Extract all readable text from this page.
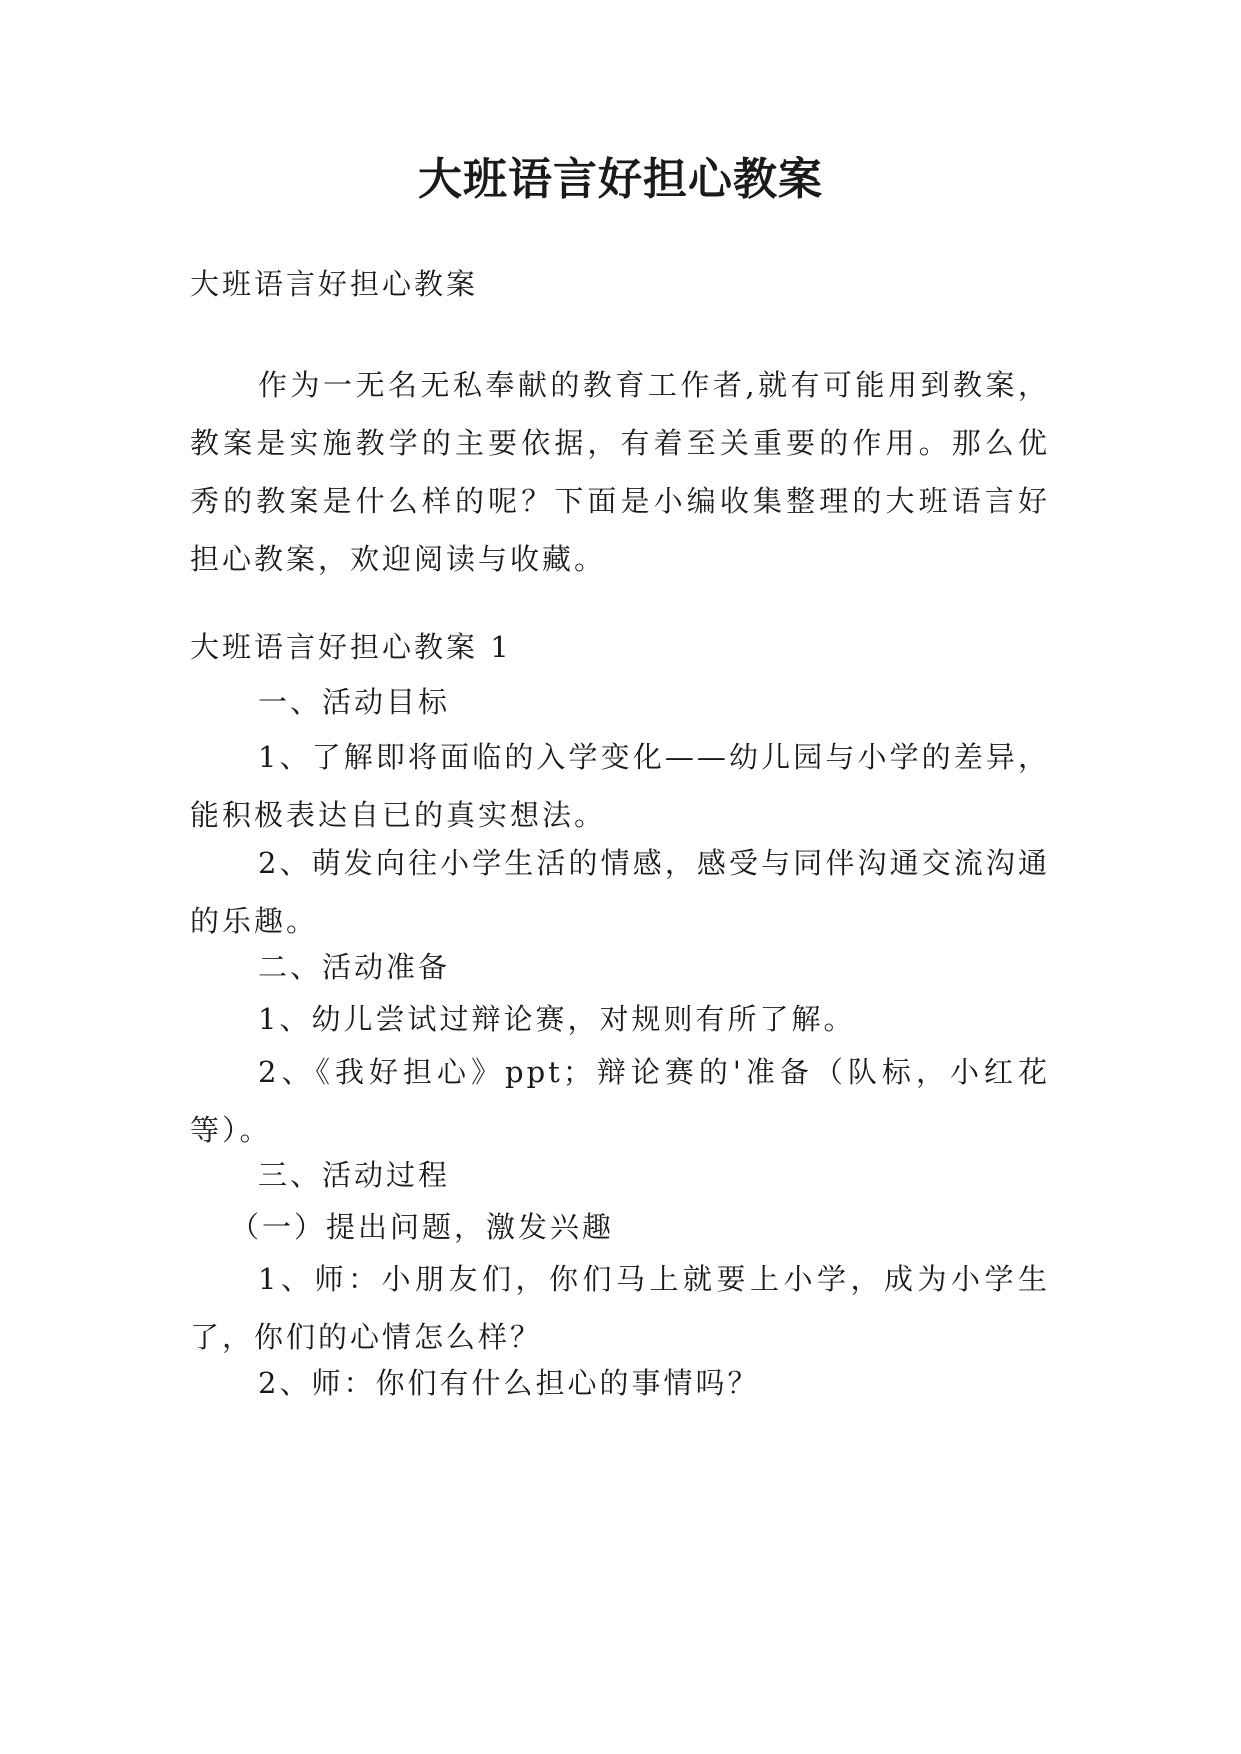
大班语言好担心教案

大班语言好担心教案

作为一无名无私奉献的教育工作者,就有可能用到教案，教案是实施教学的主要依据，有着至关重要的作用。那么优秀的教案是什么样的呢？下面是小编收集整理的大班语言好担心教案，欢迎阅读与收藏。

大班语言好担心教案 1

一、活动目标

1、了解即将面临的入学变化——幼儿园与小学的差异，能积极表达自已的真实想法。

2、萌发向往小学生活的情感，感受与同伴沟通交流沟通的乐趣。

二、活动准备

1、幼儿尝试过辩论赛，对规则有所了解。

2、《我好担心》ppt；辩论赛的'准备（队标，小红花等）。

三、活动过程

（一）提出问题，激发兴趣

1、师：小朋友们，你们马上就要上小学，成为小学生了，你们的心情怎么样？

2、师：你们有什么担心的事情吗？
